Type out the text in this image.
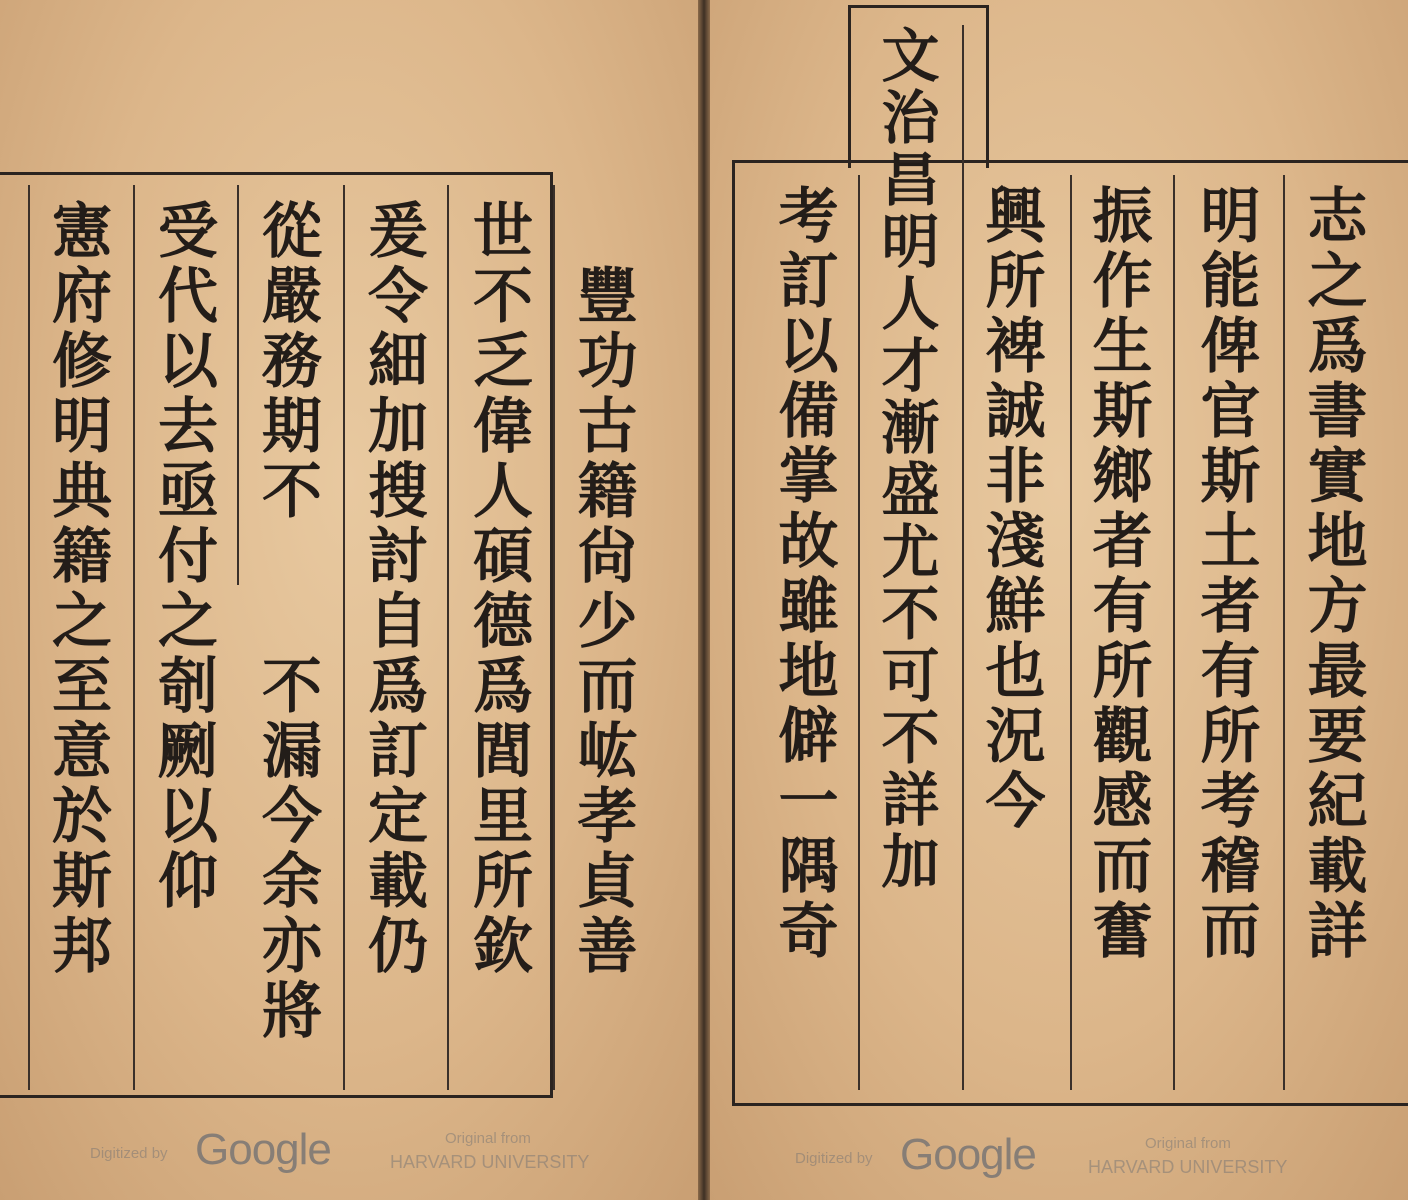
豐
功
古
籍
尙
少
而
𡵓
孝
貞
善
世
不
乏
偉
人
碩
德
爲
閭
里
所
欽
爰
令
細
加
搜
討
自
爲
訂
定
載
仍
從
嚴
務
期
不
不
漏
今
余
亦
將
受
代
以
去
亟
付
之
剞
劂
以
仰
憲
府
修
明
典
籍
之
至
意
於
斯
邦
Digitized by Google	Original from
HARVARD UNIVERSITY
文
治
昌
明
人
才
漸
盛
尤
不
可
不
詳
加
志
之
爲
書
實
地
方
最
要
紀
載
詳
明
能
俾
官
斯
土
者
有
所
考
稽
而
振
作
生
斯
鄉
者
有
所
觀
感
而
奮
興
所
裨
誠
非
淺
鮮
也
況
今
考
訂
以
備
掌
故
雖
地
僻
一
隅
奇
Digitized by Google	Original from
HARVARD UNIVERSITY
